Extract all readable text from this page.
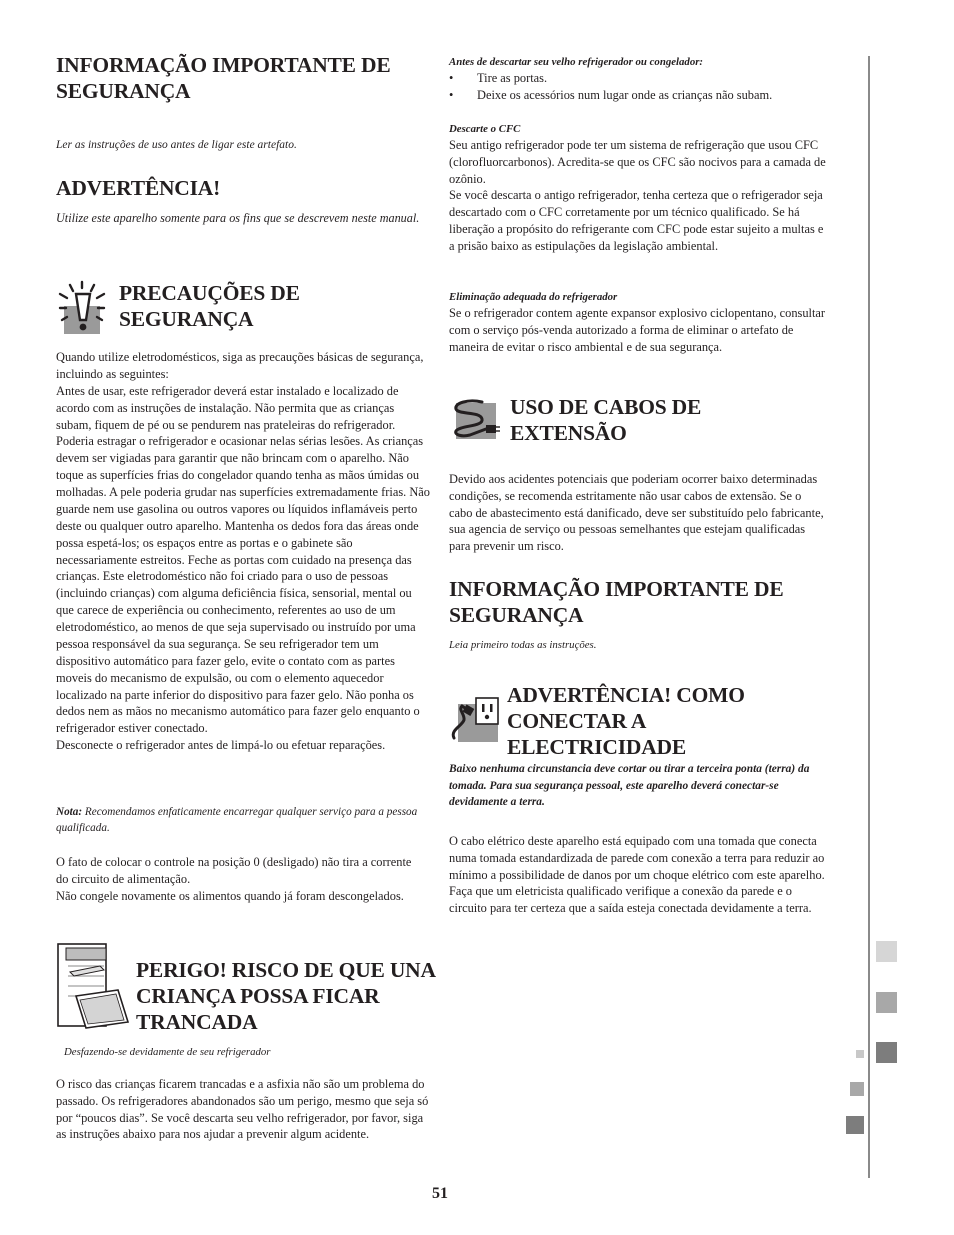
INFORMAÇÃO IMPORTANTE DE SEGURANÇA

Ler as instruções de uso antes de ligar este artefato.

ADVERTÊNCIA!

Utilize este aparelho somente para os fins que se descrevem neste manual.

PRECAUÇÕES DE SEGURANÇA

Quando utilize eletrodomésticos, siga as precauções básicas de segurança, incluindo as seguintes:
Antes de usar, este refrigerador deverá estar instalado e localizado de acordo com as instruções de instalação. Não permita que as crianças subam, fiquem de pé ou se pendurem nas prateleiras do refrigerador. Poderia estragar o refrigerador e ocasionar nelas sérias lesões. As crianças devem ser vigiadas para garantir que não brincam com o aparelho. Não toque as superfícies frias do congelador quando tenha as mãos úmidas ou molhadas. A pele poderia grudar nas superfícies extremadamente frias. Não guarde nem use gasolina ou outros vapores ou líquidos inflamáveis perto deste ou qualquer outro aparelho. Mantenha os dedos fora das áreas onde possa espetá-los; os espaços entre as portas e o gabinete são necessariamente estreitos. Feche as portas com cuidado na presença das crianças. Este eletrodoméstico não foi criado para o uso de pessoas (incluindo crianças) com alguma deficiência física, sensorial, mental ou que carece de experiência ou conhecimento, referentes ao uso de um eletrodoméstico, ao menos de que seja supervisado ou instruído por uma pessoa responsável da sua segurança. Se seu refrigerador tem um dispositivo automático para fazer gelo, evite o contato com as partes moveis do mecanismo de expulsão, ou com o elemento aquecedor localizado na parte inferior do dispositivo para fazer gelo. Não ponha os dedos nem as mãos no mecanismo automático para fazer gelo enquanto o refrigerador estiver conectado.
Desconecte o refrigerador antes de limpá-lo ou efetuar reparações.

Nota: Recomendamos enfaticamente encarregar qualquer serviço para a pessoa qualificada.

O fato de colocar o controle na posição 0 (desligado) não tira a corrente do circuito de alimentação.
Não congele novamente os alimentos quando já foram descongelados.

PERIGO! RISCO DE QUE UNA CRIANÇA POSSA FICAR TRANCADA

Desfazendo-se devidamente de seu refrigerador

O risco das crianças ficarem trancadas e a asfixia não são um problema do passado. Os refrigeradores abandonados são um perigo, mesmo que seja só por “poucos dias”. Se você descarta seu velho refrigerador, por favor, siga as instruções abaixo para nos ajudar a prevenir algum acidente.

Antes de descartar seu velho refrigerador ou congelador:

• Tire as portas.
• Deixe os acessórios num lugar onde as crianças não subam.

Descarte o CFC

Seu antigo refrigerador pode ter um sistema de refrigeração que usou CFC (clorofluorcarbonos). Acredita-se que os CFC são nocivos para a camada de ozônio.
Se você descarta o antigo refrigerador, tenha certeza que o refrigerador seja descartado com o CFC corretamente por um técnico qualificado. Se há liberação a propósito do refrigerante com CFC pode estar sujeito a multas e a prisão baixo as estipulações da legislação ambiental.

Eliminação adequada do refrigerador

Se o refrigerador contem agente expansor explosivo ciclopentano, consultar com o serviço pós-venda autorizado a forma de eliminar o artefato de maneira de evitar o risco ambiental e de sua segurança.

USO DE CABOS DE EXTENSÃO

Devido aos acidentes potenciais que poderiam ocorrer baixo determinadas condições, se recomenda estritamente não usar cabos de extensão. Se o cabo de abastecimento está danificado, deve ser substituído pelo fabricante, sua agencia de serviço ou pessoas semelhantes que estejam qualificadas para prevenir um risco.

INFORMAÇÃO IMPORTANTE DE SEGURANÇA

Leia primeiro todas as instruções.

ADVERTÊNCIA! COMO CONECTAR A ELECTRICIDADE

Baixo nenhuma circunstancia deve cortar ou tirar a terceira ponta (terra) da tomada. Para sua segurança pessoal, este aparelho deverá conectar-se devidamente a terra.

O cabo elétrico deste aparelho está equipado com una tomada que conecta numa tomada estandardizada de parede com conexão a terra para reduzir ao mínimo a possibilidade de danos por um choque elétrico com este aparelho. Faça que um eletricista qualificado verifique a conexão da parede e o circuito para ter certeza que a saída esteja conectada devidamente a terra.

51
